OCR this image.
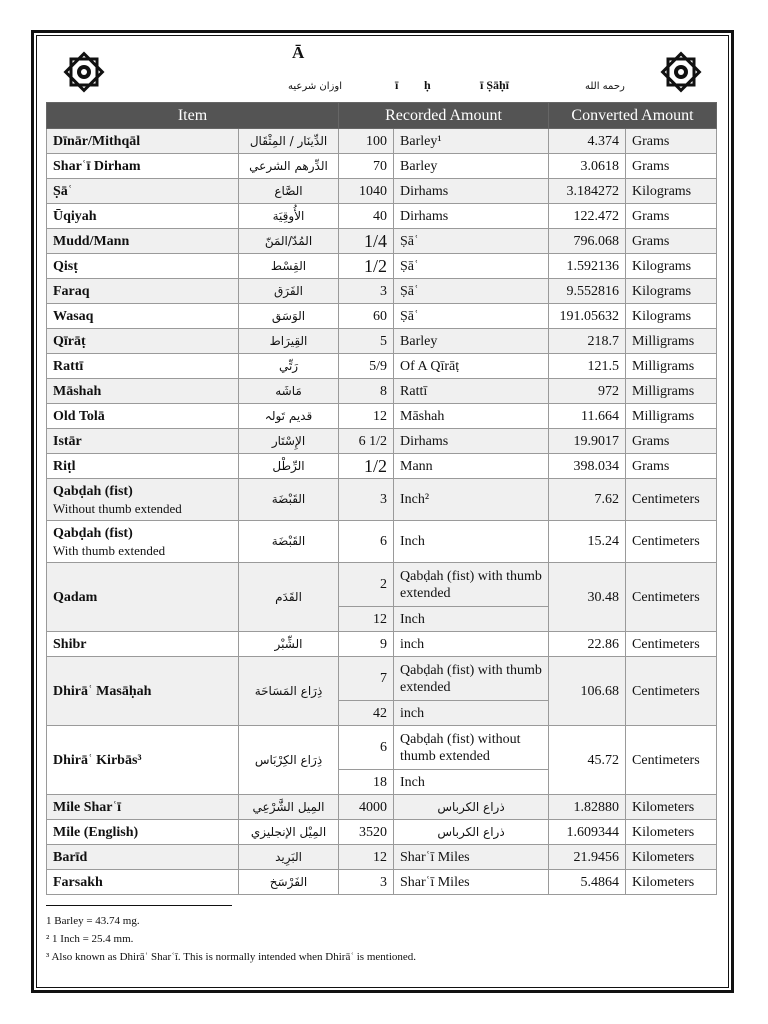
Ā
اوزان شرعيه	ī ḥ	ī Ṣāḥī	رحمه الله
Item		Recorded Amount		Converted Amount	
Dīnār/Mithqāl	الدِّينَار / المِثْقَال	100	Barley¹	4.374	Grams
Sharʿī Dirham	الدِّرهم الشرعي	70	Barley	3.0618	Grams
Ṣāʿ	الصَّاع	1040	Dirhams	3.184272	Kilograms
Ūqiyah	الأُوقِيَة	40	Dirhams	122.472	Grams
Mudd/Mann	المُدّ/المَنّ	1/4	Ṣāʿ	796.068	Grams
Qisṭ	القِسْط	1/2	Ṣāʿ	1.592136	Kilograms
Faraq	الفَرَق	3	Ṣāʿ	9.552816	Kilograms
Wasaq	الوَسَق	60	Ṣāʿ	191.05632	Kilograms
Qīrāṭ	القِيرَاط	5	Barley	218.7	Milligrams
Rattī	رَتِّي	5/9	Of A Qīrāṭ	121.5	Milligrams
Māshah	مَاشَه	8	Rattī	972	Milligrams
Old Tolā	قديم تَولہ	12	Māshah	11.664	Milligrams
Istār	الإِسْتَار	6 1/2	Dirhams	19.9017	Grams
Riṭl	الرِّطْل	1/2	Mann	398.034	Grams
Qabḍah (fist)
Without thumb extended	القَبْضَة	3	Inch²	7.62	Centimeters
Qabḍah (fist)
With thumb extended	القَبْضَة	6	Inch	15.24	Centimeters
Qadam	القَدَم	2	Qabḍah (fist) with thumb extended	30.48	Centimeters
		12	Inch		
Shibr	الشِّبْر	9	inch	22.86	Centimeters
Dhirāʿ Masāḥah	ذِرَاع المَسَاحَة	7	Qabḍah (fist) with thumb extended	106.68	Centimeters
		42	inch		
Dhirāʿ Kirbās³	ذِرَاع الكِرْبَاس	6	Qabḍah (fist) without thumb extended	45.72	Centimeters
		18	Inch		
Mile Sharʿī	المِيل الشَّرْعِي	4000	ذراع الكرباس	1.82880	Kilometers
Mile (English)	المِيْل الإنجليزي	3520	ذراع الكرباس	1.609344	Kilometers
Barīd	البَرِيد	12	Sharʿī Miles	21.9456	Kilometers
Farsakh	الفَرْسَخ	3	Sharʿī Miles	5.4864	Kilometers
1 Barley = 43.74 mg.
² 1 Inch = 25.4 mm.
³ Also known as Dhirāʿ Sharʿī. This is normally intended when Dhirāʿ is mentioned.
